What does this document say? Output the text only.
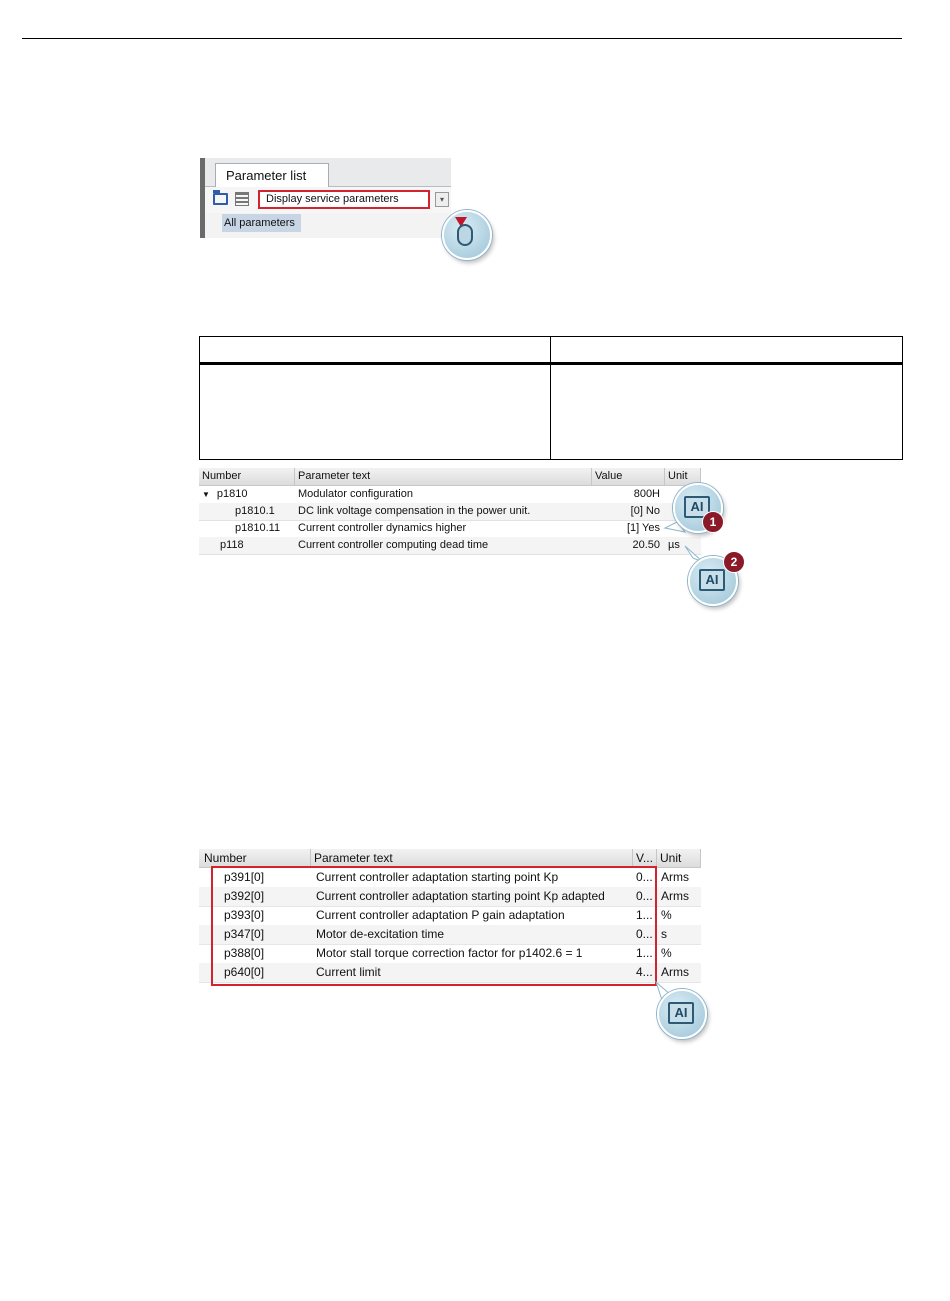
Parameter list
Display service parameters	▾
All parameters
Number	Parameter text	Value	Unit
▼ p1810	Modulator configuration	800H
p1810.1	DC link voltage compensation in the power unit.	[0] No
p1810.11	Current controller dynamics higher	[1] Yes
p118	Current controller computing dead time	20.50 µs
AI
1
AI
2
Number	Parameter text	V... Unit
p391[0]	Current controller adaptation starting point Kp	0... Arms
p392[0]	Current controller adaptation starting point Kp adapted	0... Arms
p393[0]	Current controller adaptation P gain adaptation	1... %
p347[0]	Motor de-excitation time	0... s
p388[0]	Motor stall torque correction factor for p1402.6 = 1	1... %
p640[0]	Current limit	4... Arms
AI
